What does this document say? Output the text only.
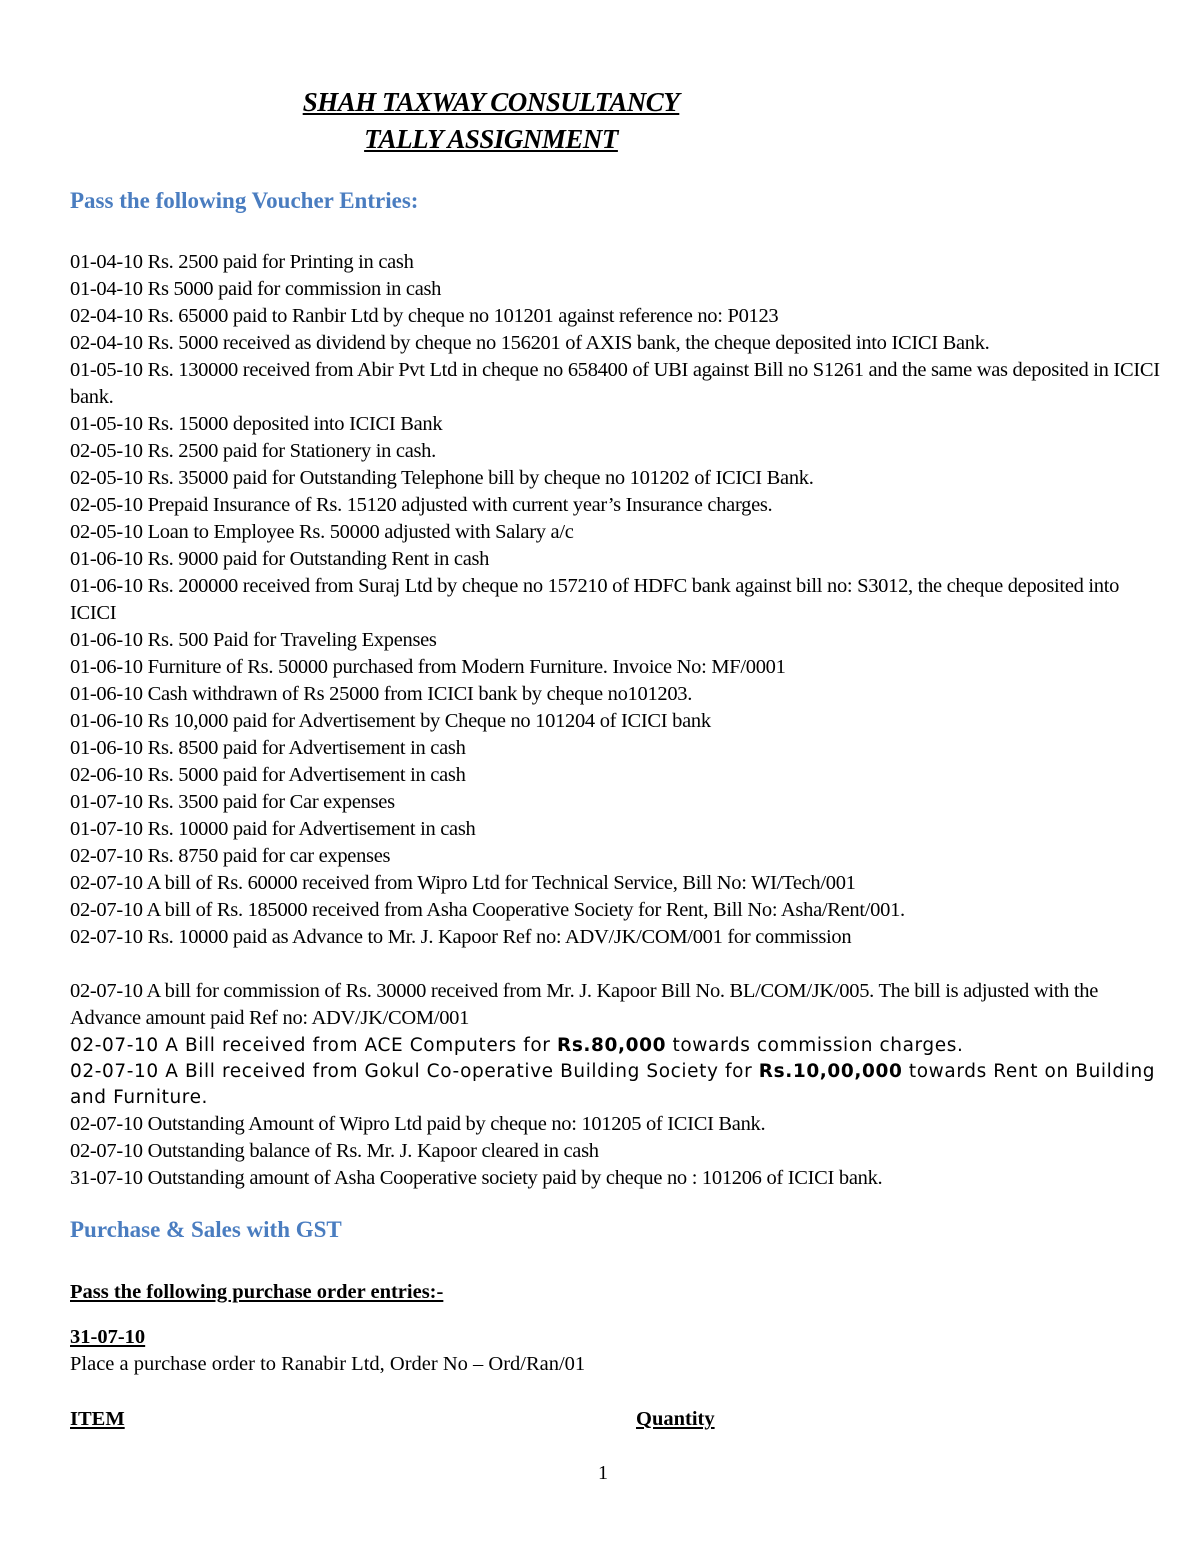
SHAH TAXWAY CONSULTANCY
TALLY ASSIGNMENT
Pass the following Voucher Entries:

01-04-10 Rs. 2500 paid for Printing in cash

01-04-10 Rs 5000 paid for commission in cash

02-04-10 Rs. 65000 paid to Ranbir Ltd by cheque no 101201 against reference no: P0123

02-04-10 Rs. 5000 received as dividend by cheque no 156201 of AXIS bank, the cheque deposited into ICICI Bank.

01-05-10 Rs. 130000 received from Abir Pvt Ltd in cheque no 658400 of UBI against Bill no S1261 and the same was deposited in ICICI bank.

01-05-10 Rs. 15000 deposited into ICICI Bank

02-05-10 Rs. 2500 paid for Stationery in cash.

02-05-10 Rs. 35000 paid for Outstanding Telephone bill by cheque no 101202 of ICICI Bank.

02-05-10 Prepaid Insurance of Rs. 15120 adjusted with current year’s Insurance charges.

02-05-10 Loan to Employee Rs. 50000 adjusted with Salary a/c

01-06-10 Rs. 9000 paid for Outstanding Rent in cash

01-06-10 Rs. 200000 received from Suraj Ltd by cheque no 157210 of HDFC bank against bill no: S3012, the cheque deposited into ICICI

01-06-10 Rs. 500 Paid for Traveling Expenses

01-06-10 Furniture of Rs. 50000 purchased from Modern Furniture. Invoice No: MF/0001

01-06-10 Cash withdrawn of Rs 25000 from ICICI bank by cheque no101203.

01-06-10 Rs 10,000 paid for Advertisement by Cheque no 101204 of ICICI bank

01-06-10 Rs. 8500 paid for Advertisement in cash

02-06-10 Rs. 5000 paid for Advertisement in cash

01-07-10 Rs. 3500 paid for Car expenses

01-07-10 Rs. 10000 paid for Advertisement in cash

02-07-10 Rs. 8750 paid for car expenses

02-07-10 A bill of Rs. 60000 received from Wipro Ltd for Technical Service, Bill No: WI/Tech/001

02-07-10 A bill of Rs. 185000 received from Asha Cooperative Society for Rent, Bill No: Asha/Rent/001.

02-07-10 Rs. 10000 paid as Advance to Mr. J. Kapoor Ref no: ADV/JK/COM/001 for commission

02-07-10 A bill for commission of Rs. 30000 received from Mr. J. Kapoor Bill No. BL/COM/JK/005. The bill is adjusted with the Advance amount paid Ref no: ADV/JK/COM/001

02-07-10 A Bill received from ACE Computers for Rs.80,000 towards commission charges.

02-07-10 A Bill received from Gokul Co-operative Building Society for Rs.10,00,000 towards Rent on Building and Furniture.

02-07-10 Outstanding Amount of Wipro Ltd paid by cheque no: 101205 of ICICI Bank.

02-07-10 Outstanding balance of Rs. Mr. J. Kapoor cleared in cash

31-07-10 Outstanding amount of Asha Cooperative society paid by cheque no : 101206 of ICICI bank.

Purchase & Sales with GST
Pass the following purchase order entries:-
31-07-10
Place a purchase order to Ranabir Ltd, Order No – Ord/Ran/01
ITEM	Quantity
1
